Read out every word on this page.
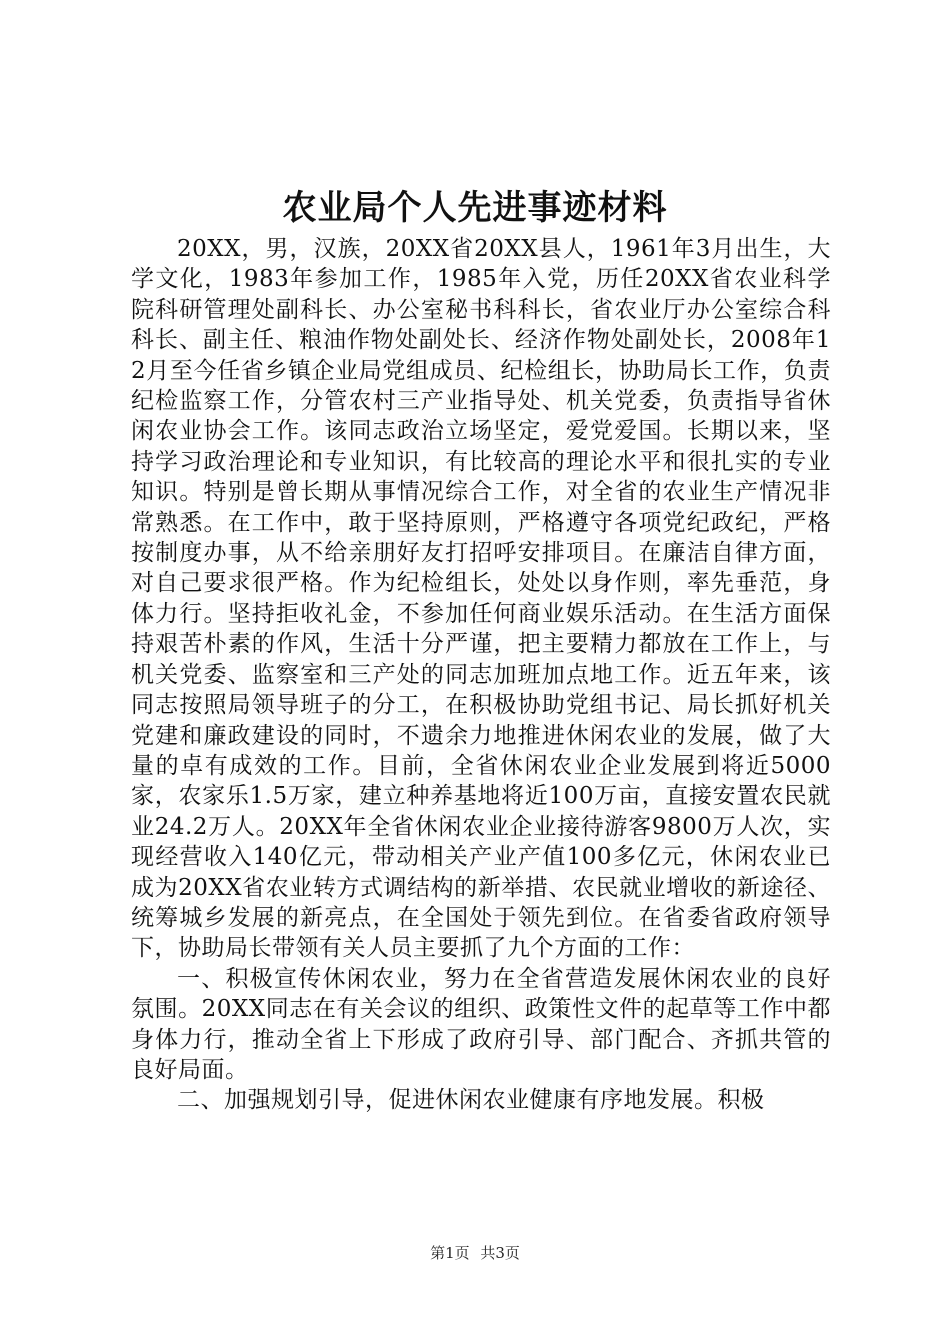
农业局个人先进事迹材料

20XX，男，汉族，20XX省20XX县人，1961年3月出生，大学文化，1983年参加工作，1985年入党，历任20XX省农业科学院科研管理处副科长、办公室秘书科科长，省农业厅办公室综合科科长、副主任、粮油作物处副处长、经济作物处副处长，2008年12月至今任省乡镇企业局党组成员、纪检组长，协助局长工作，负责纪检监察工作，分管农村三产业指导处、机关党委，负责指导省休闲农业协会工作。该同志政治立场坚定，爱党爱国。长期以来，坚持学习政治理论和专业知识，有比较高的理论水平和很扎实的专业知识。特别是曾长期从事情况综合工作，对全省的农业生产情况非常熟悉。在工作中，敢于坚持原则，严格遵守各项党纪政纪，严格按制度办事，从不给亲朋好友打招呼安排项目。在廉洁自律方面，对自己要求很严格。作为纪检组长，处处以身作则，率先垂范，身体力行。坚持拒收礼金，不参加任何商业娱乐活动。在生活方面保持艰苦朴素的作风，生活十分严谨，把主要精力都放在工作上，与机关党委、监察室和三产处的同志加班加点地工作。近五年来，该同志按照局领导班子的分工，在积极协助党组书记、局长抓好机关党建和廉政建设的同时，不遗余力地推进休闲农业的发展，做了大量的卓有成效的工作。目前，全省休闲农业企业发展到将近5000家，农家乐1.5万家，建立种养基地将近100万亩，直接安置农民就业24.2万人。20XX年全省休闲农业企业接待游客9800万人次，实现经营收入140亿元，带动相关产业产值100多亿元，休闲农业已成为20XX省农业转方式调结构的新举措、农民就业增收的新途径、统筹城乡发展的新亮点，在全国处于领先到位。在省委省政府领导下，协助局长带领有关人员主要抓了九个方面的工作：

一、积极宣传休闲农业，努力在全省营造发展休闲农业的良好氛围。20XX同志在有关会议的组织、政策性文件的起草等工作中都身体力行，推动全省上下形成了政府引导、部门配合、齐抓共管的良好局面。

二、加强规划引导，促进休闲农业健康有序地发展。积极

第1页 共3页
